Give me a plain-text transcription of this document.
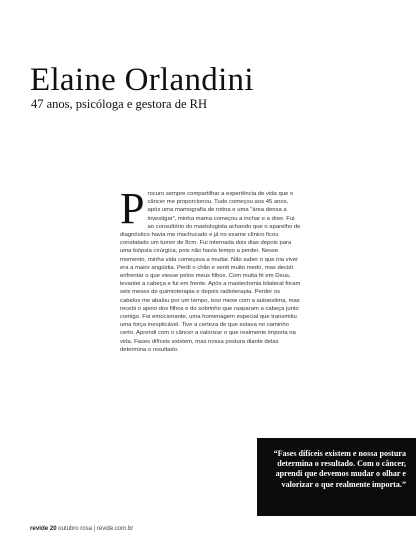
Elaine Orlandini
47 anos, psicóloga e gestora de RH
Procuro sempre compartilhar a experiência de vida que o câncer me proporcionou. Tudo começou aos 45 anos, após uma mamografia de rotina e uma “área densa a investigar”, minha mama começou a inchar e a doer. Fui ao consultório do mastologista achando que o aparelho de diagnóstico havia me machucado e já no exame clínico ficou constatado um tumor de 8cm. Fui internada dois dias depois para uma biópsia cirúrgica, pois não havia tempo a perder. Nesse momento, minha vida começava a mudar. Não saber o que iria viver era a maior angústia. Perdi o chão e senti muito medo, mas decidi enfrentar o que viesse pelos meus filhos. Com muita fé em Deus, levantei a cabeça e fui em frente. Após a mastectomia bilateral foram seis meses de quimioterapia e depois radioterapia. Perder os cabelos me abalou por um tempo, isso mexe com a autoestima, mas recebi o apoio dos filhos e do sobrinho que rasparam a cabeça junto comigo. Foi emocionante, uma homenagem especial que transmitiu uma força inexplicável. Tive a certeza de que estava no caminho certo. Aprendi com o câncer a valorizar o que realmente importa na vida. Fases difíceis existem, mas nossa postura diante delas determina o resultado.
“Fases difíceis existem e nossa postura determina o resultado. Com o câncer, aprendi que devemos mudar o olhar e valorizar o que realmente importa.”
revide 20 outubro rosa | revide.com.br
